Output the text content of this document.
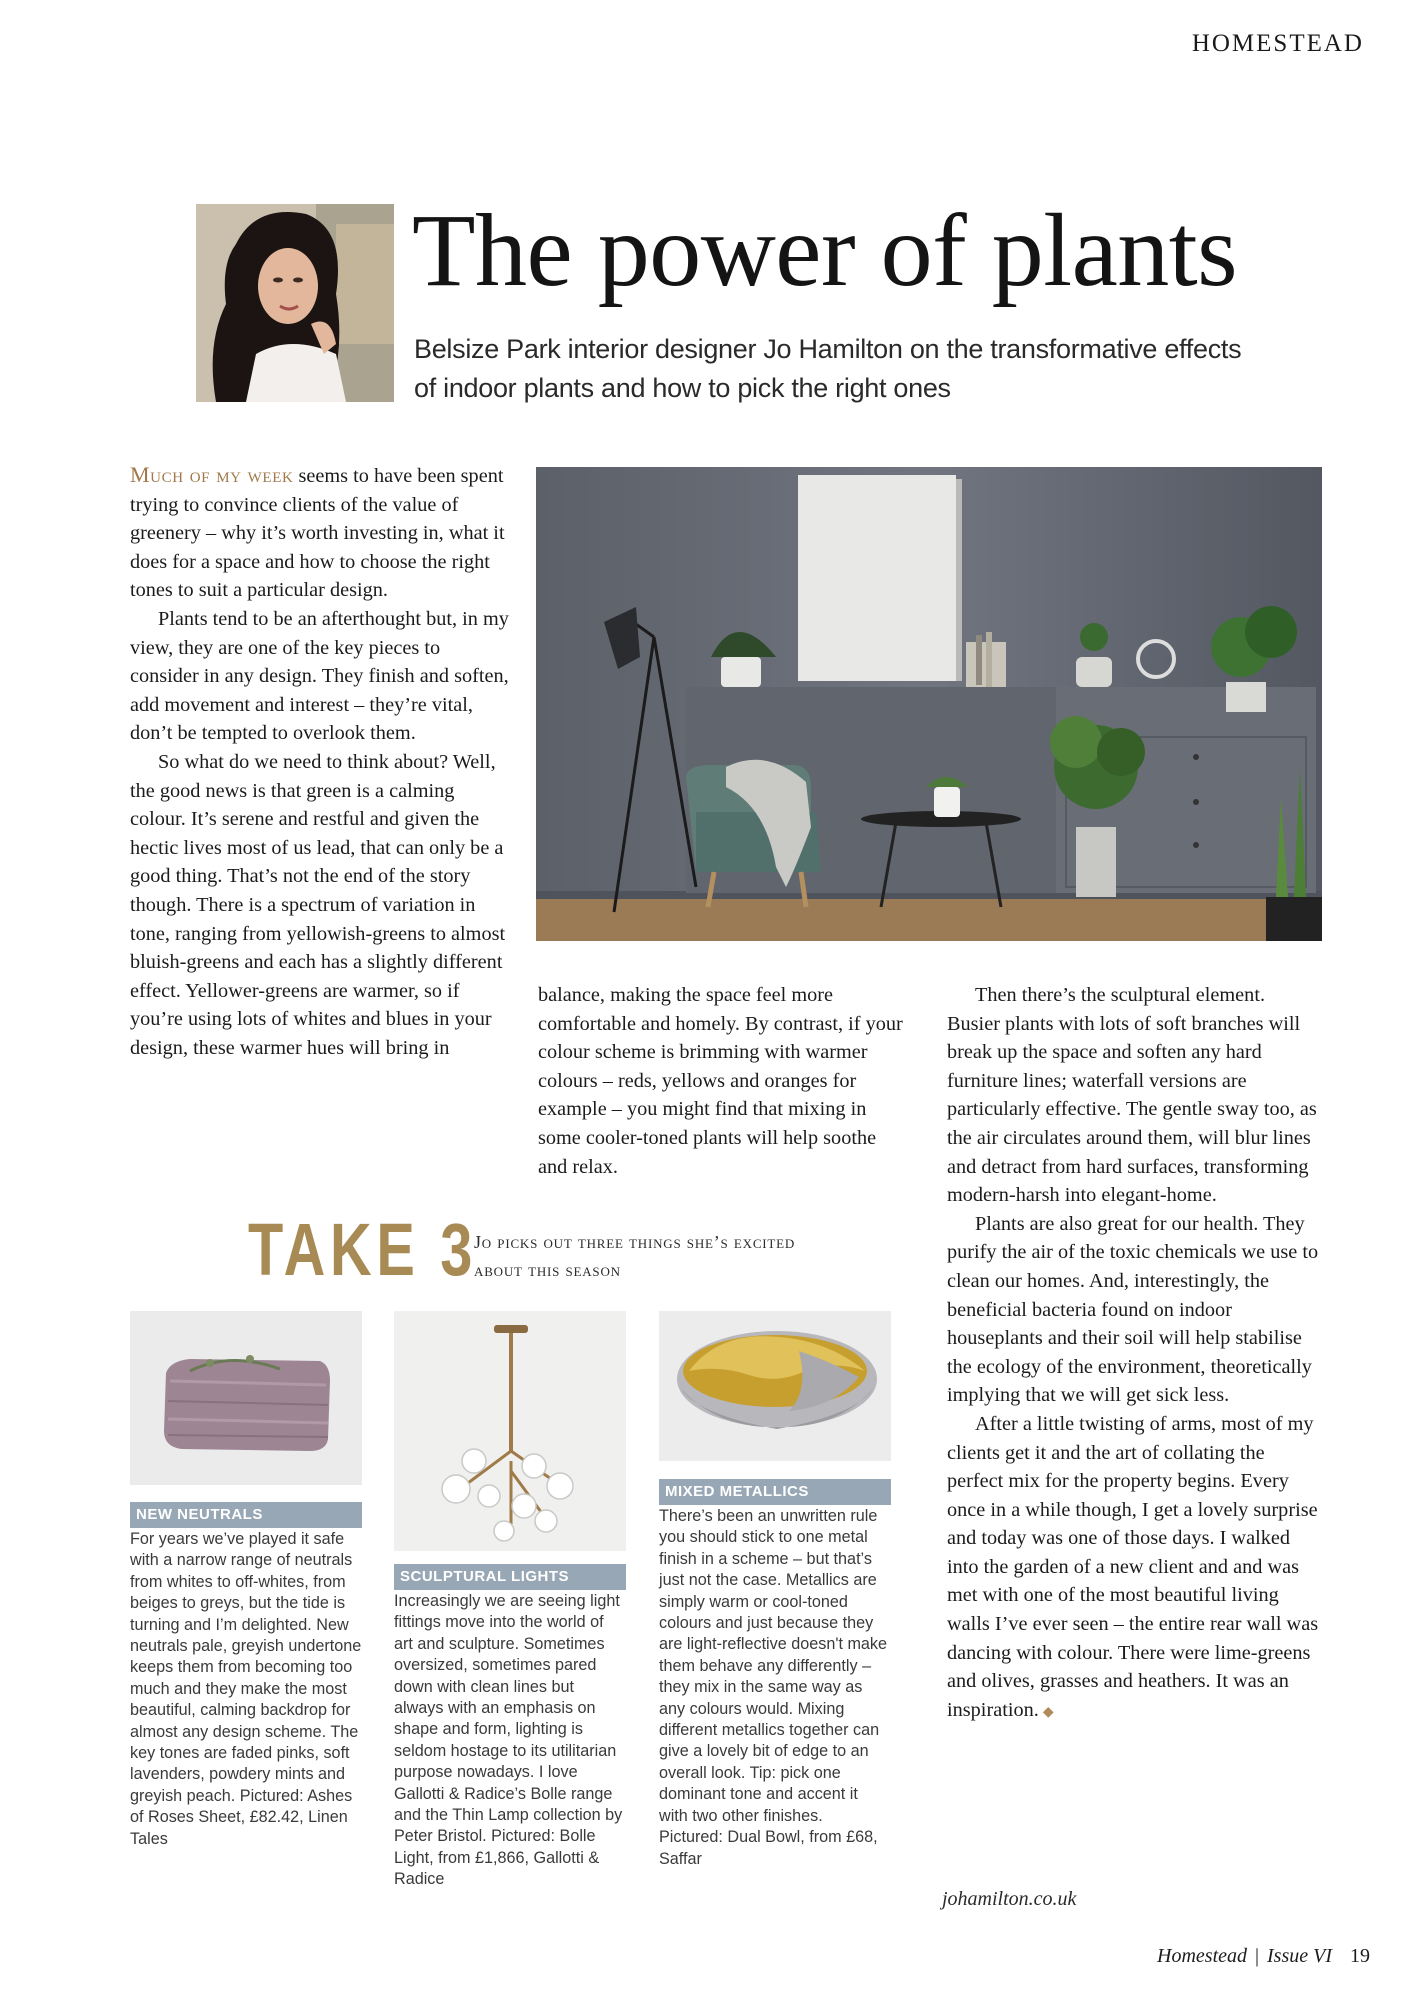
HOMESTEAD
The power of plants
Belsize Park interior designer Jo Hamilton on the transformative effects of indoor plants and how to pick the right ones

Much of my week seems to have been spent trying to convince clients of the value of greenery – why it’s worth investing in, what it does for a space and how to choose the right tones to suit a particular design.

Plants tend to be an afterthought but, in my view, they are one of the key pieces to consider in any design. They finish and soften, add movement and interest – they’re vital, don’t be tempted to overlook them.

So what do we need to think about? Well, the good news is that green is a calming colour. It’s serene and restful and given the hectic lives most of us lead, that can only be a good thing. That’s not the end of the story though. There is a spectrum of variation in tone, ranging from yellowish-greens to almost bluish-greens and each has a slightly different effect. Yellower-greens are warmer, so if you’re using lots of whites and blues in your design, these warmer hues will bring in

balance, making the space feel more comfortable and homely. By contrast, if your colour scheme is brimming with warmer colours – reds, yellows and oranges for example – you might find that mixing in some cooler-toned plants will help soothe and relax.

Then there’s the sculptural element. Busier plants with lots of soft branches will break up the space and soften any hard furniture lines; waterfall versions are particularly effective. The gentle sway too, as the air circulates around them, will blur lines and detract from hard surfaces, transforming modern-harsh into elegant-home.

Plants are also great for our health. They purify the air of the toxic chemicals we use to clean our homes. And, interestingly, the beneficial bacteria found on indoor houseplants and their soil will help stabilise the ecology of the environment, theoretically implying that we will get sick less.

After a little twisting of arms, most of my clients get it and the art of collating the perfect mix for the property begins. Every once in a while though, I get a lovely surprise and today was one of those days. I walked into the garden of a new client and and was met with one of the most beautiful living walls I’ve ever seen – the entire rear wall was dancing with colour. There were lime-greens and olives, grasses and heathers. It was an inspiration. ◆

johamilton.co.uk
TAKE 3
Jo picks out three things she’s excited about this season
NEW NEUTRALS
For years we’ve played it safe with a narrow range of neutrals from whites to off-whites, from beiges to greys, but the tide is turning and I’m delighted. New neutrals pale, greyish undertone keeps them from becoming too much and they make the most beautiful, calming backdrop for almost any design scheme. The key tones are faded pinks, soft lavenders, powdery mints and greyish peach. Pictured: Ashes of Roses Sheet, £82.42, Linen Tales
SCULPTURAL LIGHTS
Increasingly we are seeing light fittings move into the world of art and sculpture. Sometimes oversized, sometimes pared down with clean lines but always with an emphasis on shape and form, lighting is seldom hostage to its utilitarian purpose nowadays. I love Gallotti & Radice’s Bolle range and the Thin Lamp collection by Peter Bristol. Pictured: Bolle Light, from £1,866, Gallotti & Radice
MIXED METALLICS
There’s been an unwritten rule you should stick to one metal finish in a scheme – but that’s just not the case. Metallics are simply warm or cool-toned colours and just because they are light-reflective doesn't make them behave any differently – they mix in the same way as any colours would. Mixing different metallics together can give a lovely bit of edge to an overall look. Tip: pick one dominant tone and accent it with two other finishes. Pictured: Dual Bowl, from £68, Saffar
Homestead | Issue VI 19
